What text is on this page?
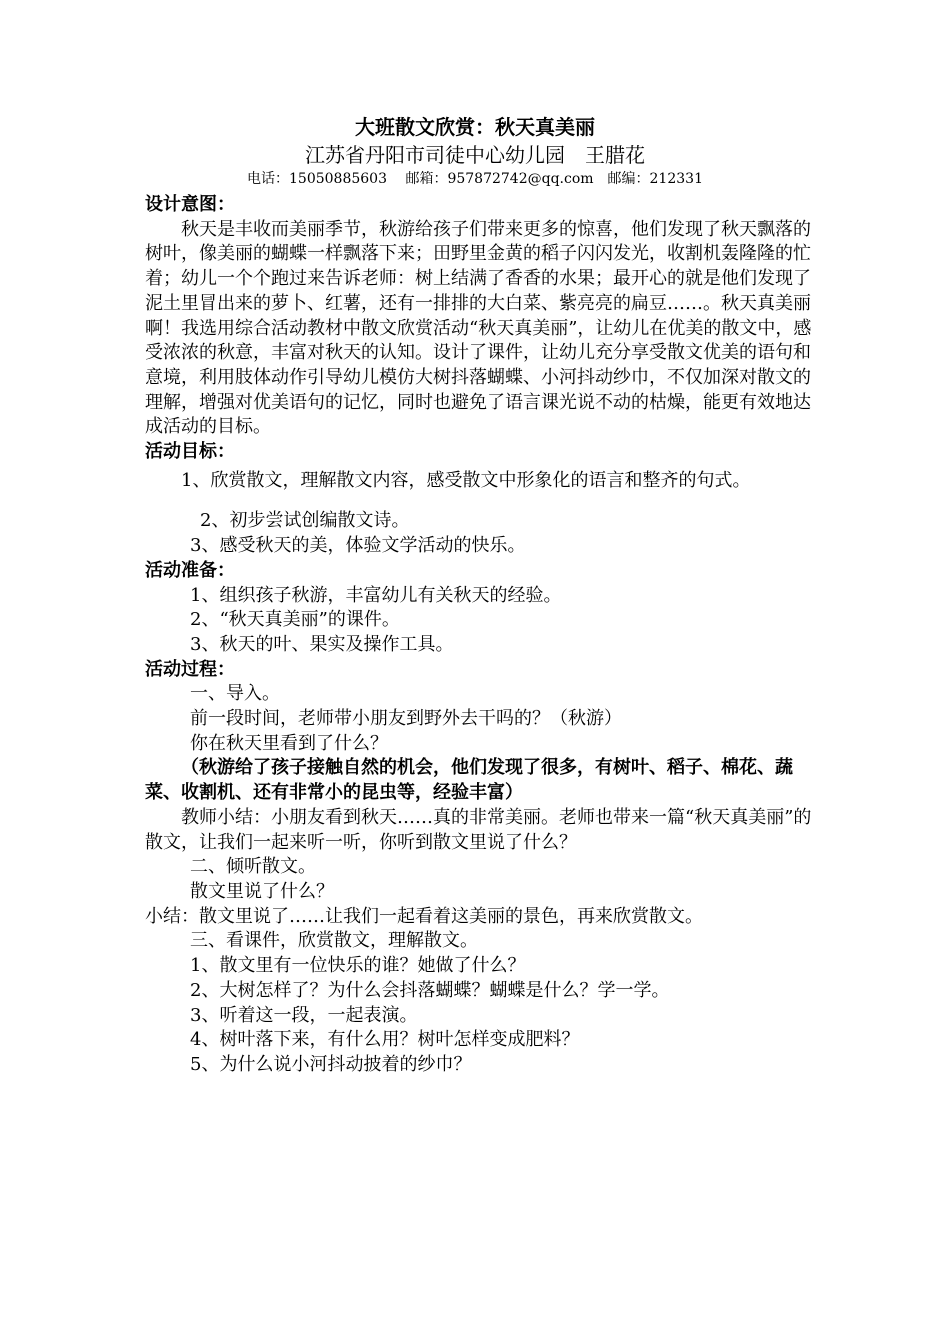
大班散文欣赏：秋天真美丽
江苏省丹阳市司徒中心幼儿园　王腊花
电话：15050885603　 邮箱：957872742@qq.com　邮编：212331

设计意图：

秋天是丰收而美丽季节，秋游给孩子们带来更多的惊喜，他们发现了秋天飘落的树叶，像美丽的蝴蝶一样飘落下来；田野里金黄的稻子闪闪发光，收割机轰隆隆的忙着；幼儿一个个跑过来告诉老师：树上结满了香香的水果；最开心的就是他们发现了泥土里冒出来的萝卜、红薯，还有一排排的大白菜、紫亮亮的扁豆……。秋天真美丽啊！我选用综合活动教材中散文欣赏活动“秋天真美丽”，让幼儿在优美的散文中，感受浓浓的秋意，丰富对秋天的认知。设计了课件，让幼儿充分享受散文优美的语句和意境，利用肢体动作引导幼儿模仿大树抖落蝴蝶、小河抖动纱巾，不仅加深对散文的理解，增强对优美语句的记忆，同时也避免了语言课光说不动的枯燥，能更有效地达成活动的目标。

活动目标：

1、欣赏散文，理解散文内容，感受散文中形象化的语言和整齐的句式。

2、初步尝试创编散文诗。

3、感受秋天的美，体验文学活动的快乐。

活动准备：

1、组织孩子秋游，丰富幼儿有关秋天的经验。

2、“秋天真美丽”的课件。

3、秋天的叶、果实及操作工具。

活动过程：

一、导入。

前一段时间，老师带小朋友到野外去干吗的？（秋游）

你在秋天里看到了什么？

（秋游给了孩子接触自然的机会，他们发现了很多，有树叶、稻子、棉花、蔬菜、收割机、还有非常小的昆虫等，经验丰富）

教师小结：小朋友看到秋天……真的非常美丽。老师也带来一篇“秋天真美丽”的散文，让我们一起来听一听，你听到散文里说了什么？

二、倾听散文。

散文里说了什么？

小结：散文里说了……让我们一起看着这美丽的景色，再来欣赏散文。

三、看课件，欣赏散文，理解散文。

1、散文里有一位快乐的谁？她做了什么？

2、大树怎样了？为什么会抖落蝴蝶？蝴蝶是什么？学一学。

3、听着这一段，一起表演。

4、树叶落下来，有什么用？树叶怎样变成肥料？

5、为什么说小河抖动披着的纱巾？
